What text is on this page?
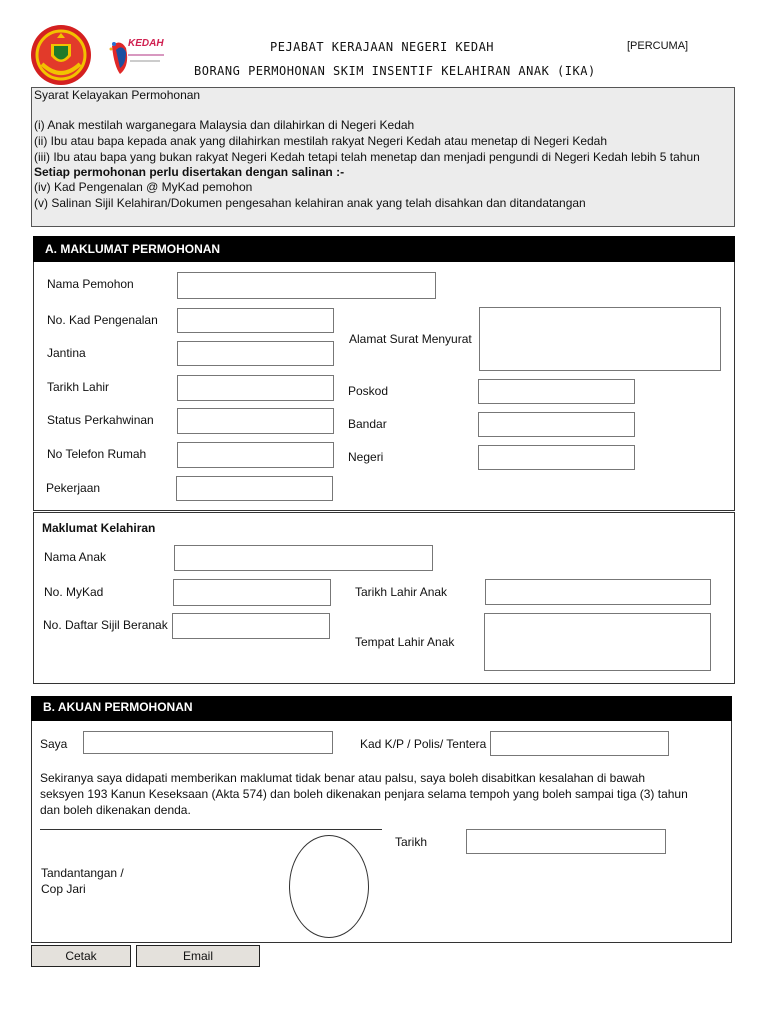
KEDAH	PEJABAT KERAJAAN NEGERI KEDAH	[PERCUMA]
BORANG PERMOHONAN SKIM INSENTIF KELAHIRAN ANAK (IKA)
Syarat Kelayakan Permohonan
(i) Anak mestilah warganegara Malaysia dan dilahirkan di Negeri Kedah
(ii) Ibu atau bapa kepada anak yang dilahirkan mestilah rakyat Negeri Kedah atau menetap di Negeri Kedah
(iii) Ibu atau bapa yang bukan rakyat Negeri Kedah tetapi telah menetap dan menjadi pengundi di Negeri Kedah lebih 5 tahun
Setiap permohonan perlu disertakan dengan salinan :-
(iv) Kad Pengenalan @ MyKad pemohon
(v) Salinan Sijil Kelahiran/Dokumen pengesahan kelahiran anak yang telah disahkan dan ditandatangan
A. MAKLUMAT PERMOHONAN
Nama Pemohon
No. Kad Pengenalan
Jantina
Tarikh Lahir
Status Perkahwinan
No Telefon Rumah
Pekerjaan
Alamat Surat Menyurat
Poskod
Bandar
Negeri
Maklumat Kelahiran
Nama Anak
No. MyKad
No. Daftar Sijil Beranak
Tarikh Lahir Anak
Tempat Lahir Anak
B. AKUAN PERMOHONAN
Saya	Kad K/P / Polis/ Tentera
Sekiranya saya didapati memberikan maklumat tidak benar atau palsu, saya boleh disabitkan kesalahan di bawah
seksyen 193 Kanun Keseksaan (Akta 574) dan boleh dikenakan penjara selama tempoh yang boleh sampai tiga (3) tahun
dan boleh dikenakan denda.
Tarikh
Tandantangan /
Cop Jari
Cetak	Email
